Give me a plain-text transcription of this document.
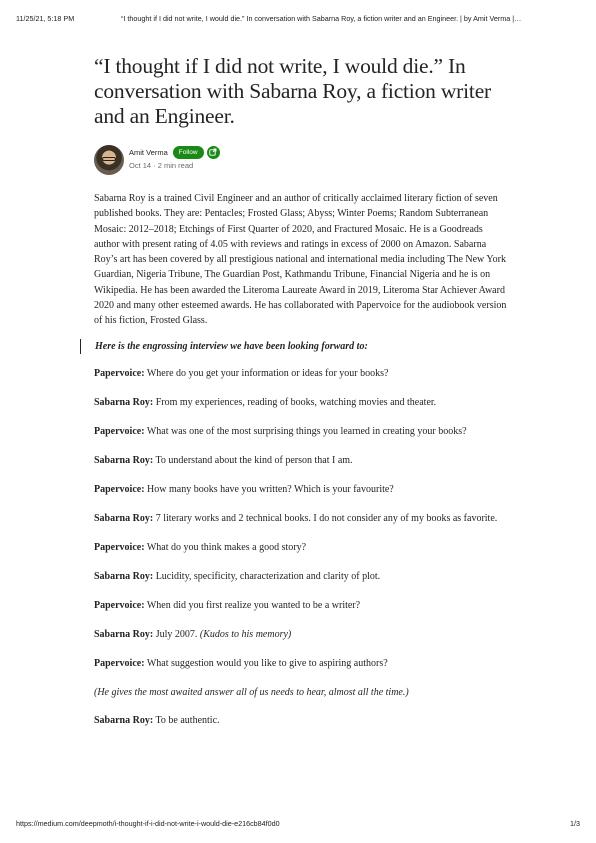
11/25/21, 5:18 PM	“I thought if I did not write, I would die.” In conversation with Sabarna Roy, a fiction writer and an Engineer. | by Amit Verma |…
“I thought if I did not write, I would die.” In conversation with Sabarna Roy, a fiction writer and an Engineer.
Amit Verma	Follow
Oct 14 · 2 min read
Sabarna Roy is a trained Civil Engineer and an author of critically acclaimed literary fiction of seven published books. They are: Pentacles; Frosted Glass; Abyss; Winter Poems; Random Subterranean Mosaic: 2012–2018; Etchings of First Quarter of 2020, and Fractured Mosaic. He is a Goodreads author with present rating of 4.05 with reviews and ratings in excess of 2000 on Amazon. Sabarna Roy’s art has been covered by all prestigious national and international media including The New York Guardian, Nigeria Tribune, The Guardian Post, Kathmandu Tribune, Financial Nigeria and he is on Wikipedia. He has been awarded the Literoma Laureate Award in 2019, Literoma Star Achiever Award 2020 and many other esteemed awards. He has collaborated with Papervoice for the audiobook version of his fiction, Frosted Glass.
Here is the engrossing interview we have been looking forward to:

Papervoice: Where do you get your information or ideas for your books?

Sabarna Roy: From my experiences, reading of books, watching movies and theater.

Papervoice: What was one of the most surprising things you learned in creating your books?

Sabarna Roy: To understand about the kind of person that I am.

Papervoice: How many books have you written? Which is your favourite?

Sabarna Roy: 7 literary works and 2 technical books. I do not consider any of my books as favorite.

Papervoice: What do you think makes a good story?

Sabarna Roy: Lucidity, specificity, characterization and clarity of plot.

Papervoice: When did you first realize you wanted to be a writer?

Sabarna Roy: July 2007. (Kudos to his memory)

Papervoice: What suggestion would you like to give to aspiring authors?

(He gives the most awaited answer all of us needs to hear, almost all the time.)

Sabarna Roy: To be authentic.

https://medium.com/deepmoth/i-thought-if-i-did-not-write-i-would-die-e216cb84f0d0	1/3
